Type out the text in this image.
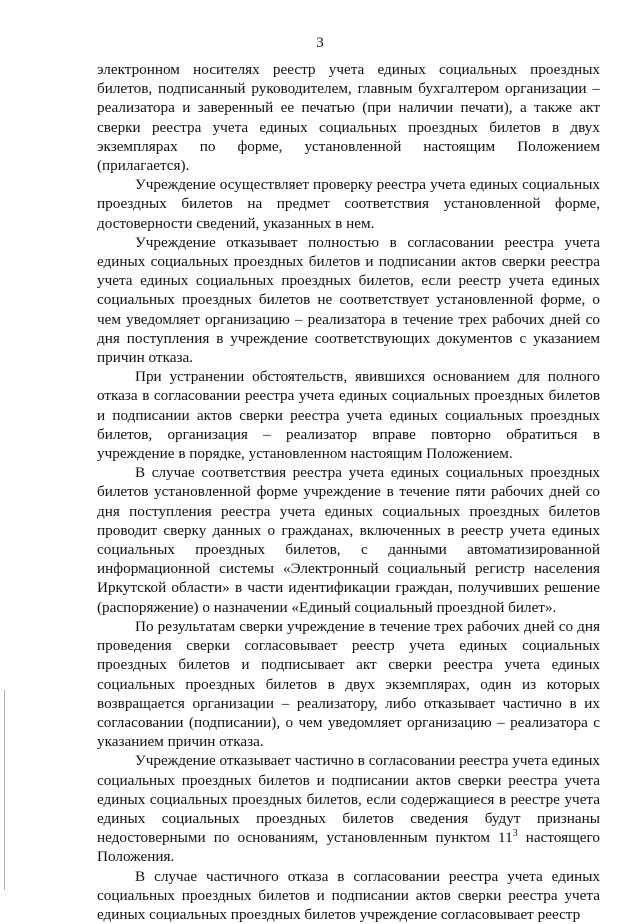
3

электронном носителях реестр учета единых социальных проездных билетов, подписанный руководителем, главным бухгалтером организации – реализатора и заверенный ее печатью (при наличии печати), а также акт сверки реестра учета единых социальных проездных билетов в двух экземплярах по форме, установленной настоящим Положением (прилагается).

Учреждение осуществляет проверку реестра учета единых социальных проездных билетов на предмет соответствия установленной форме, достоверности сведений, указанных в нем.

Учреждение отказывает полностью в согласовании реестра учета единых социальных проездных билетов и подписании актов сверки реестра учета единых социальных проездных билетов, если реестр учета единых социальных проездных билетов не соответствует установленной форме, о чем уведомляет организацию – реализатора в течение трех рабочих дней со дня поступления в учреждение соответствующих документов с указанием причин отказа.

При устранении обстоятельств, явившихся основанием для полного отказа в согласовании реестра учета единых социальных проездных билетов и подписании актов сверки реестра учета единых социальных проездных билетов, организация – реализатор вправе повторно обратиться в учреждение в порядке, установленном настоящим Положением.

В случае соответствия реестра учета единых социальных проездных билетов установленной форме учреждение в течение пяти рабочих дней со дня поступления реестра учета единых социальных проездных билетов проводит сверку данных о гражданах, включенных в реестр учета единых социальных проездных билетов, с данными автоматизированной информационной системы «Электронный социальный регистр населения Иркутской области» в части идентификации граждан, получивших решение (распоряжение) о назначении «Единый социальный проездной билет».

По результатам сверки учреждение в течение трех рабочих дней со дня проведения сверки согласовывает реестр учета единых социальных проездных билетов и подписывает акт сверки реестра учета единых социальных проездных билетов в двух экземплярах, один из которых возвращается организации – реализатору, либо отказывает частично в их согласовании (подписании), о чем уведомляет организацию – реализатора с указанием причин отказа.

Учреждение отказывает частично в согласовании реестра учета единых социальных проездных билетов и подписании актов сверки реестра учета единых социальных проездных билетов, если содержащиеся в реестре учета единых социальных проездных билетов сведения будут признаны недостоверными по основаниям, установленным пунктом $11^3$ настоящего Положения.

В случае частичного отказа в согласовании реестра учета единых социальных проездных билетов и подписании актов сверки реестра учета единых социальных проездных билетов учреждение согласовывает реестр
